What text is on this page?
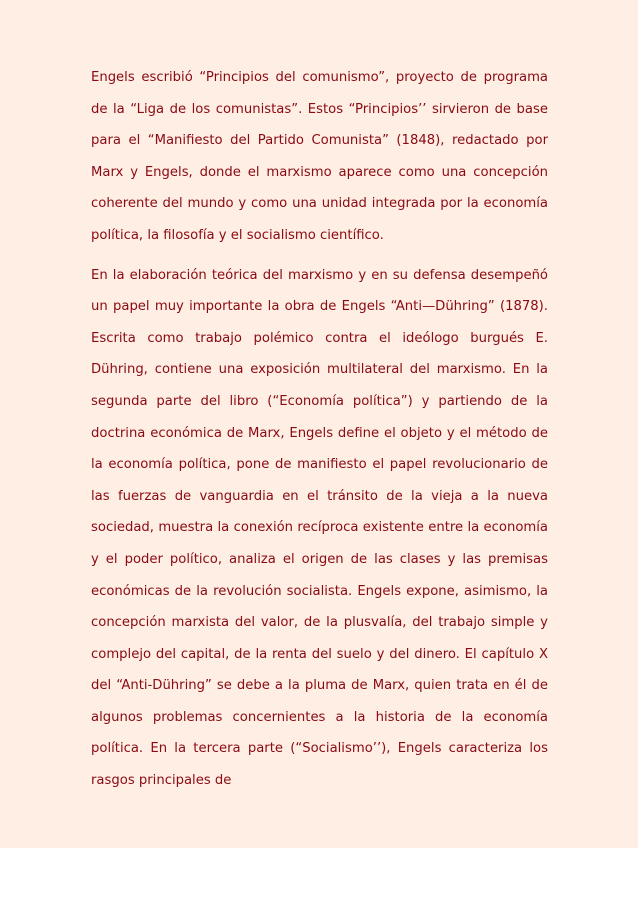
Engels escribió “Principios del comunismo”, proyecto de programa de la “Liga de los comunistas”. Estos “Principios’’ sirvieron de base para el “Manifiesto del Partido Comunista” (1848), redactado por Marx y Engels, donde el marxismo aparece como una concepción coherente del mundo y como una unidad integrada por la economía política, la filosofía y el socialismo científico.

En la elaboración teórica del marxismo y en su defensa desempeñó un papel muy importante la obra de Engels “Anti—Dühring” (1878). Escrita como trabajo polémico contra el ideólogo burgués E. Dühring, contiene una exposición multilateral del marxismo. En la segunda parte del libro (“Economía política”) y partiendo de la doctrina económica de Marx, Engels define el objeto y el método de la economía política, pone de manifiesto el papel revolucionario de las fuerzas de vanguardia en el tránsito de la vieja a la nueva sociedad, muestra la conexión recíproca existente entre la economía y el poder político, analiza el origen de las clases y las premisas económicas de la revolución socialista. Engels expone, asimismo, la concepción marxista del valor, de la plusvalía, del trabajo simple y complejo del capital, de la renta del suelo y del dinero. El capítulo X del “Anti-Dühring” se debe a la pluma de Marx, quien trata en él de algunos problemas concernientes a la historia de la economía política. En la tercera parte (“Socialismo’’), Engels caracteriza los rasgos principales de
